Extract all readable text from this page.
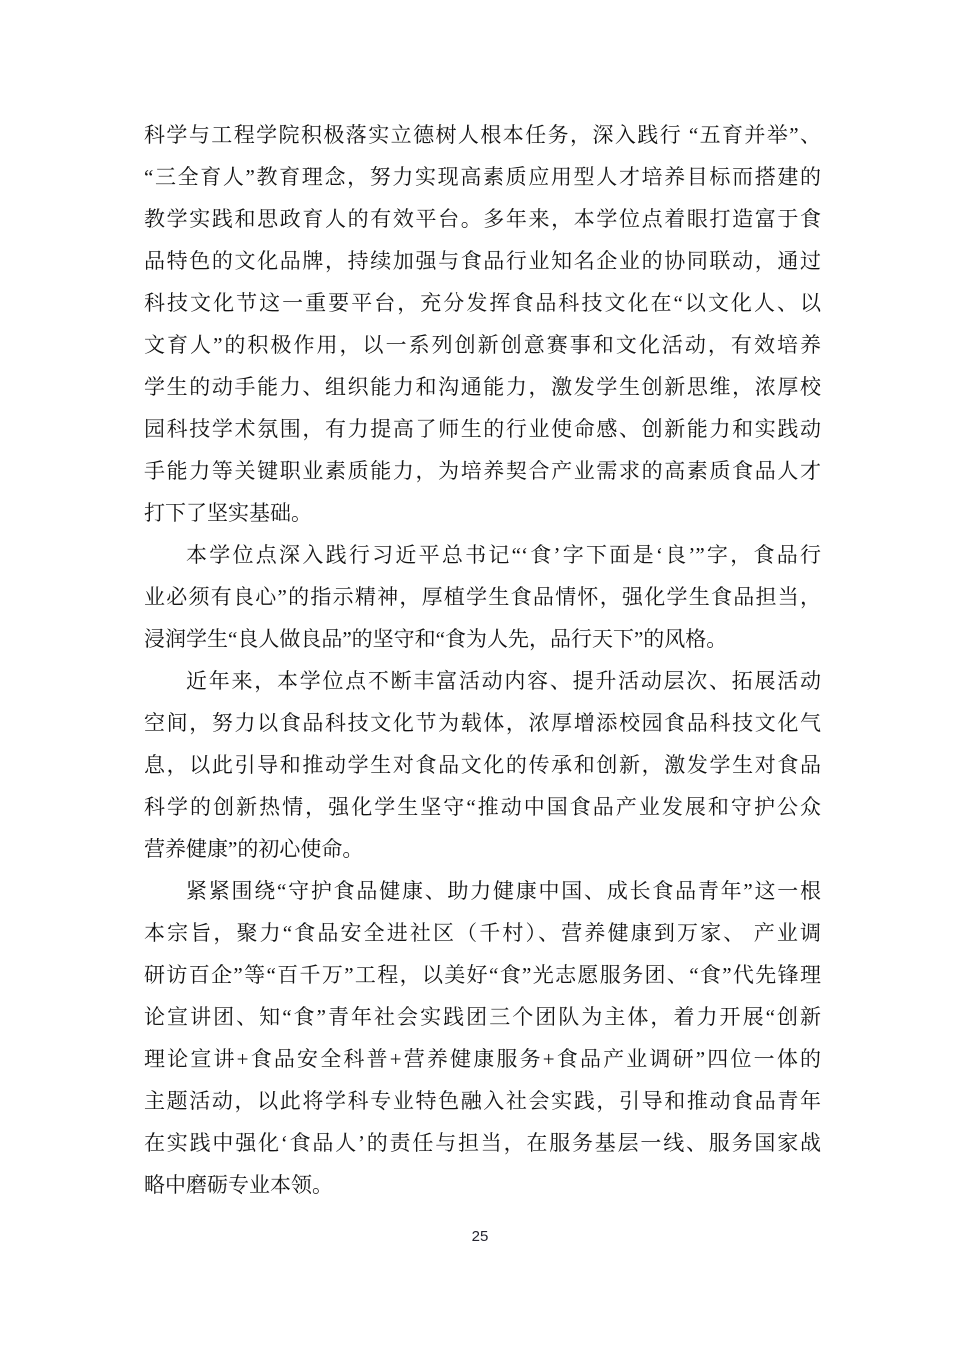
科学与工程学院积极落实立德树人根本任务，深入践行 “五育并举”、

“三全育人”教育理念，努力实现高素质应用型人才培养目标而搭建的

教学实践和思政育人的有效平台。多年来，本学位点着眼打造富于食

品特色的文化品牌，持续加强与食品行业知名企业的协同联动，通过

科技文化节这一重要平台，充分发挥食品科技文化在“以文化人、以

文育人”的积极作用，以一系列创新创意赛事和文化活动，有效培养

学生的动手能力、组织能力和沟通能力，激发学生创新思维，浓厚校

园科技学术氛围，有力提高了师生的行业使命感、创新能力和实践动

手能力等关键职业素质能力，为培养契合产业需求的高素质食品人才

打下了坚实基础。

本学位点深入践行习近平总书记“‘食’字下面是‘良’”字，食品行

业必须有良心”的指示精神，厚植学生食品情怀，强化学生食品担当，

浸润学生“良人做良品”的坚守和“食为人先，品行天下”的风格。

近年来，本学位点不断丰富活动内容、提升活动层次、拓展活动

空间，努力以食品科技文化节为载体，浓厚增添校园食品科技文化气

息，以此引导和推动学生对食品文化的传承和创新，激发学生对食品

科学的创新热情，强化学生坚守“推动中国食品产业发展和守护公众

营养健康”的初心使命。

紧紧围绕“守护食品健康、助力健康中国、成长食品青年”这一根

本宗旨，聚力“食品安全进社区（千村）、营养健康到万家、 产业调

研访百企”等“百千万”工程，以美好“食”光志愿服务团、“食”代先锋理

论宣讲团、知“食”青年社会实践团三个团队为主体，着力开展“创新

理论宣讲+食品安全科普+营养健康服务+食品产业调研”四位一体的

主题活动，以此将学科专业特色融入社会实践，引导和推动食品青年

在实践中强化‘食品人’的责任与担当，在服务基层一线、服务国家战

略中磨砺专业本领。

25
